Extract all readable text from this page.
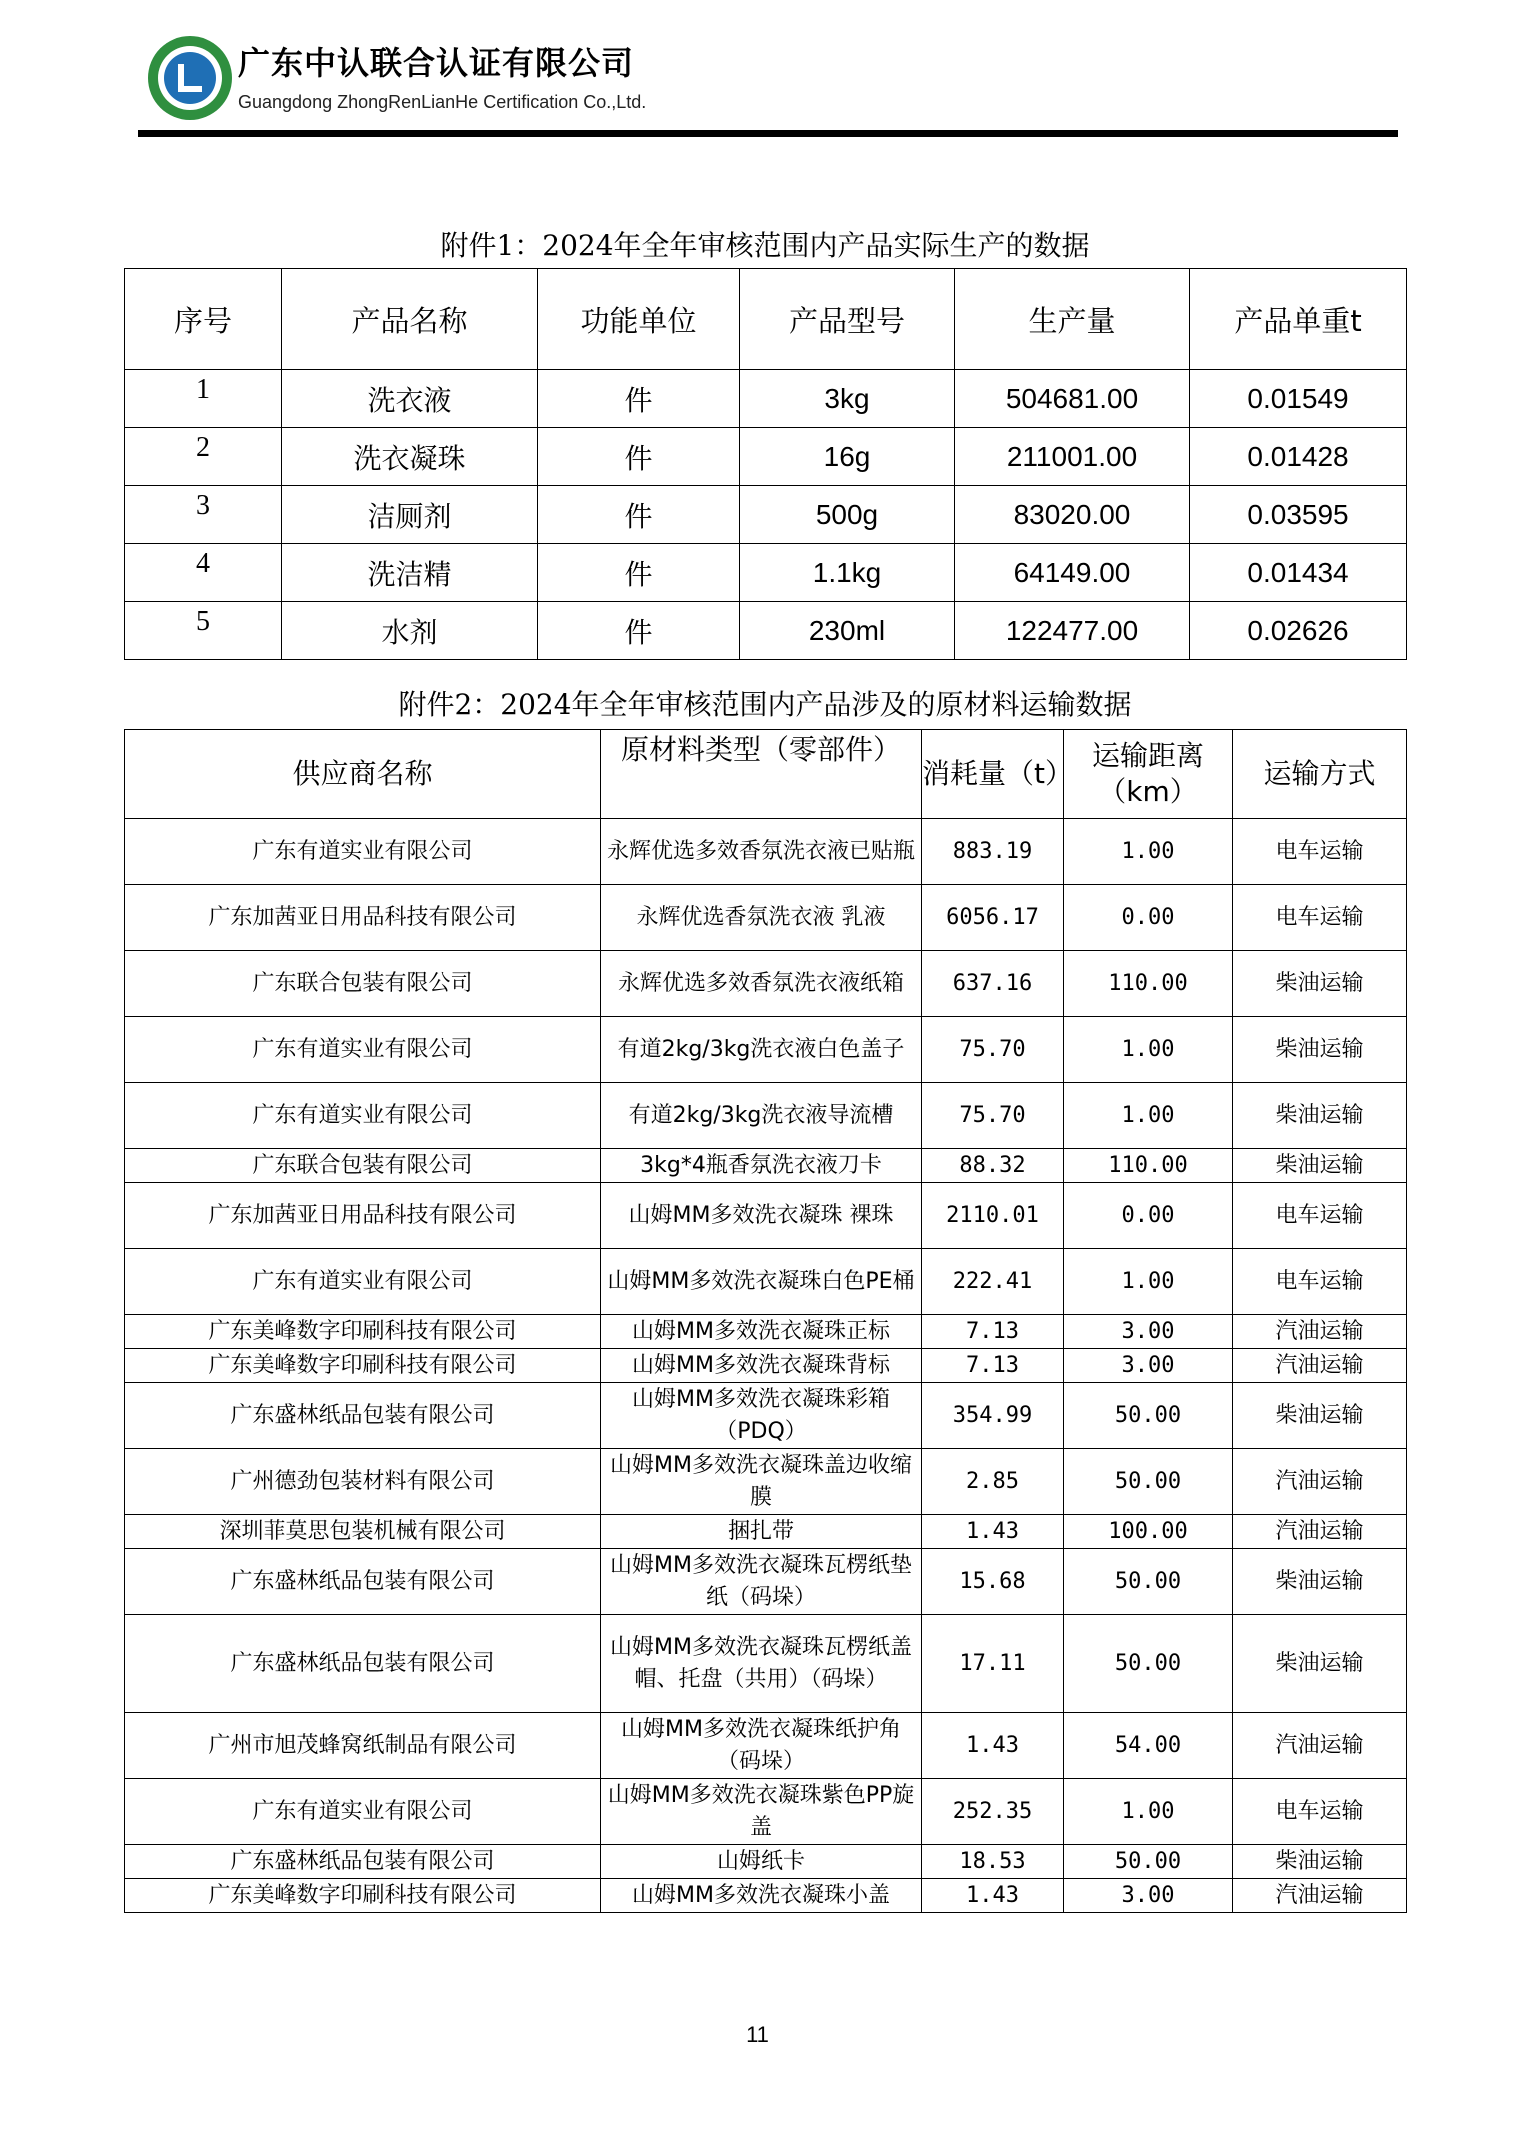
广东中认联合认证有限公司
Guangdong ZhongRenLianHe Certification Co.,Ltd.
附件1：2024年全年审核范围内产品实际生产的数据
序号	产品名称	功能单位	产品型号	生产量	产品单重t
1	洗衣液	件	3kg	504681.00	0.01549
2	洗衣凝珠	件	16g	211001.00	0.01428
3	洁厕剂	件	500g	83020.00	0.03595
4	洗洁精	件	1.1kg	64149.00	0.01434
5	水剂	件	230ml	122477.00	0.02626
附件2：2024年全年审核范围内产品涉及的原材料运输数据
供应商名称	原材料类型（零部件）	消耗量（t）	运输距离（km）	运输方式
广东有道实业有限公司	永辉优选多效香氛洗衣液已贴瓶	883.19	1.00	电车运输
广东加茜亚日用品科技有限公司	永辉优选香氛洗衣液 乳液	6056.17	0.00	电车运输
广东联合包装有限公司	永辉优选多效香氛洗衣液纸箱	637.16	110.00	柴油运输
广东有道实业有限公司	有道2kg/3kg洗衣液白色盖子	75.70	1.00	柴油运输
广东有道实业有限公司	有道2kg/3kg洗衣液导流槽	75.70	1.00	柴油运输
广东联合包装有限公司	3kg*4瓶香氛洗衣液刀卡	88.32	110.00	柴油运输
广东加茜亚日用品科技有限公司	山姆MM多效洗衣凝珠 裸珠	2110.01	0.00	电车运输
广东有道实业有限公司	山姆MM多效洗衣凝珠白色PE桶	222.41	1.00	电车运输
广东美峰数字印刷科技有限公司	山姆MM多效洗衣凝珠正标	7.13	3.00	汽油运输
广东美峰数字印刷科技有限公司	山姆MM多效洗衣凝珠背标	7.13	3.00	汽油运输
广东盛林纸品包装有限公司	山姆MM多效洗衣凝珠彩箱（PDQ）	354.99	50.00	柴油运输
广州德劲包装材料有限公司	山姆MM多效洗衣凝珠盖边收缩膜	2.85	50.00	汽油运输
深圳菲莫思包装机械有限公司	捆扎带	1.43	100.00	汽油运输
广东盛林纸品包装有限公司	山姆MM多效洗衣凝珠瓦楞纸垫纸（码垛）	15.68	50.00	柴油运输
广东盛林纸品包装有限公司	山姆MM多效洗衣凝珠瓦楞纸盖帽、托盘（共用）（码垛）	17.11	50.00	柴油运输
广州市旭茂蜂窝纸制品有限公司	山姆MM多效洗衣凝珠纸护角（码垛）	1.43	54.00	汽油运输
广东有道实业有限公司	山姆MM多效洗衣凝珠紫色PP旋盖	252.35	1.00	电车运输
广东盛林纸品包装有限公司	山姆纸卡	18.53	50.00	柴油运输
广东美峰数字印刷科技有限公司	山姆MM多效洗衣凝珠小盖	1.43	3.00	汽油运输
11
